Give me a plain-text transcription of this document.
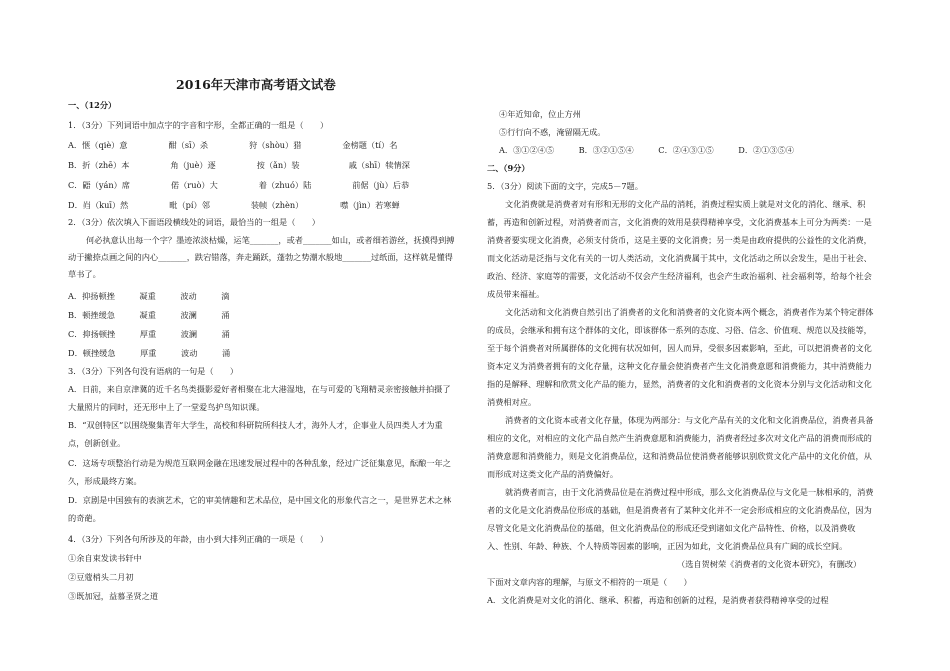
2016年天津市高考语文试卷
一、（12分）
1．（3分）下列词语中加点字的字音和字形，全都正确的一组是（　　）
A．惬（qiè）意　　　　　酣（sī）杀　　　　　狩（shòu）猎　　　　　金榜题（tí）名
B．折（zhē）本　　　　　角（juè）逐　　　　　按（ǎn）装　　　　　　戚（shī）犊情深
C．鼯（yán）席　　　　　偌（ruò）大　　　　　着（zhuó）陆　　　　　前倨（jù）后恭
D．岿（kuī）然　　　　　毗（pí）邻　　　　　装帧（zhèn）　　　　　噤（jìn）若寒蝉
2．（3分）依次填入下面语段横线处的词语，最恰当的一组是（　　）
何必执意认出每一个字？墨迹浓淡枯燥，运笔_______，或者_______如山，或者细若游丝，抚摸得到搏
动于撇捺点画之间的内心_______，跌宕错落，奔走踊跃，蓬勃之势潮水般地_______过纸面，这样就是懂得
草书了。
A．抑扬顿挫　　　凝重　　　波动　　　滴
B．顿挫缓急　　　凝重　　　波澜　　　涌
C．抑扬顿挫　　　厚重　　　波澜　　　涌
D．顿挫缓急　　　厚重　　　波动　　　涌
3．（3分）下列各句没有语病的一句是（　　）
A．日前，来自京津冀的近千名鸟类摄影爱好者相聚在北大港湿地，在与可爱的飞翔精灵亲密接触并拍摄了
大量照片的同时，还无形中上了一堂爱鸟护鸟知识课。
B．“双创特区”以围绕聚集青年大学生，高校和科研院所科技人才，海外人才，企事业人员四类人才为重
点，创新创业。
C．这场专项整治行动是为规范互联网金融在迅速发展过程中的各种乱象，经过广泛征集意见，酝酿一年之
久，形成最终方案。
D．京剧是中国独有的表演艺术，它的审美情趣和艺术品位，是中国文化的形象代言之一，是世界艺术之林
的奇葩。
4．（3分）下列各句所涉及的年龄，由小到大排列正确的一项是（　　）
①余自束发读书轩中
②豆蔻梢头二月初
③既加冠，益慕圣贤之道
④年近知命，位止方州
⑤行行向不惑，淹留隔无成。
A．③①②④⑤　　　B．③②①⑤④　　　C．②④③①⑤　　　D．②①③⑤④
二、（9分）
5．（3分）阅读下面的文字，完成5－7题。
文化消费就是消费者对有形和无形的文化产品的消耗，消费过程实质上就是对文化的消化、继承、积
蓄，再造和创新过程，对消费者而言，文化消费的效用是获得精神享受，文化消费基本上可分为两类：一是
消费者要实现文化消费，必须支付货币，这是主要的文化消费；另一类是由政府提供的公益性的文化消费，
而文化活动是泛指与文化有关的一切人类活动，文化消费属于其中，文化活动之所以会发生，是出于社会、
政治、经济、家庭等的需要，文化活动不仅会产生经济福利，也会产生政治福利、社会福利等，给每个社会
成员带来福祉。
文化活动和文化消费自然引出了消费者的文化和消费者的文化资本两个概念，消费者作为某个特定群体
的成员，会继承和拥有这个群体的文化，即该群体一系列的态度、习俗、信念、价值观、规范以及技能等，
至于每个消费者对所属群体的文化拥有状况如何，因人而异，受很多因素影响，至此，可以把消费者的文化
资本定义为消费者拥有的文化存量，这种文化存量会使消费者产生文化消费意愿和消费能力，其中消费能力
指的是解释、理解和欣赏文化产品的能力，显然，消费者的文化和消费者的文化资本分别与文化活动和文化
消费相对应。
消费者的文化资本或者文化存量，体现为两部分：与文化产品有关的文化和文化消费品位，消费者具备
相应的文化，对相应的文化产品自然产生消费意愿和消费能力，消费者经过多次对文化产品的消费而形成的
消费意愿和消费能力，则是文化消费品位，这和消费品位使消费者能够识别欣赏文化产品中的文化价值，从
而形成对这类文化产品的消费偏好。
就消费者而言，由于文化消费品位是在消费过程中形成，那么文化消费品位与文化是一脉相承的，消费
者的文化是文化消费品位形成的基础，但是消费者有了某种文化并不一定会形成相应的文化消费品位，因为
尽管文化是文化消费品位的基础，但文化消费品位的形成还受到诸如文化产品特性、价格，以及消费收
入、性别、年龄、种族、个人特质等因素的影响，正因为如此，文化消费品位具有广阔的成长空间。
（选自贺树荣《消费者的文化资本研究》，有删改）
下面对文章内容的理解，与原文不相符的一项是（　　）
A．文化消费是对文化的消化、继承、积蓄，再造和创新的过程，是消费者获得精神享受的过程
